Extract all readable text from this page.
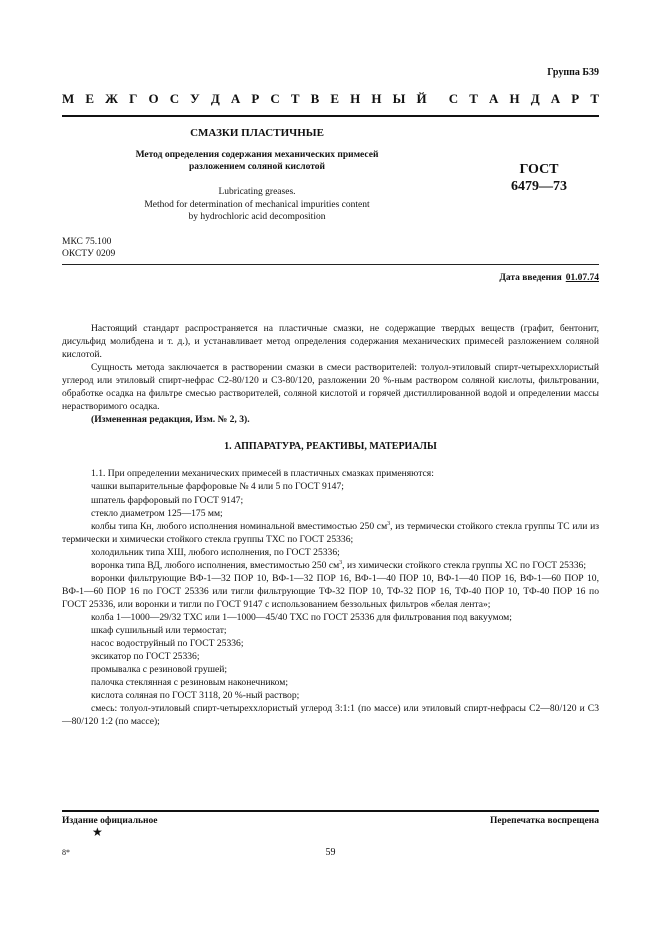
Группа Б39
М Е Ж Г О С У Д А Р С Т В Е Н Н Ы Й С Т А Н Д А Р Т
СМАЗКИ ПЛАСТИЧНЫЕ
Метод определения содержания механических примесей
разложением соляной кислотой
Lubricating greases.
Method for determination of mechanical impurities content
by hydrochloric acid decomposition
ГОСТ
6479—73
МКС 75.100
ОКСТУ 0209
Дата введения 01.07.74

Настоящий стандарт распространяется на пластичные смазки, не содержащие твердых веществ (графит, бентонит, дисульфид молибдена и т. д.), и устанавливает метод определения содержания механических примесей разложением соляной кислотой.

Сущность метода заключается в растворении смазки в смеси растворителей: толуол-этиловый спирт-четыреххлористый углерод или этиловый спирт-нефрас С2-80/120 и С3-80/120, разложении 20 %-ным раствором соляной кислоты, фильтровании, обработке осадка на фильтре смесью растворителей, соляной кислотой и горячей дистиллированной водой и определении массы нерастворимого осадка.

(Измененная редакция, Изм. № 2, 3).

1. АППАРАТУРА, РЕАКТИВЫ, МАТЕРИАЛЫ

1.1. При определении механических примесей в пластичных смазках применяются:

чашки выпарительные фарфоровые № 4 или 5 по ГОСТ 9147;

шпатель фарфоровый по ГОСТ 9147;

стекло диаметром 125—175 мм;

колбы типа Кн, любого исполнения номинальной вместимостью 250 $см^3$, из термически стойкого стекла группы ТС или из термически и химически стойкого стекла группы ТХС по ГОСТ 25336;

холодильник типа ХШ, любого исполнения, по ГОСТ 25336;

воронка типа ВД, любого исполнения, вместимостью 250 $см^3$, из химически стойкого стекла группы ХС по ГОСТ 25336;

воронки фильтрующие ВФ-1—32 ПОР 10, ВФ-1—32 ПОР 16, ВФ-1—40 ПОР 10, ВФ-1—40 ПОР 16, ВФ-1—60 ПОР 10, ВФ-1—60 ПОР 16 по ГОСТ 25336 или тигли фильтрующие ТФ-32 ПОР 10, ТФ-32 ПОР 16, ТФ-40 ПОР 10, ТФ-40 ПОР 16 по ГОСТ 25336, или воронки и тигли по ГОСТ 9147 с использованием беззольных фильтров «белая лента»;

колба 1—1000—29/32 ТХС или 1—1000—45/40 ТХС по ГОСТ 25336 для фильтрования под вакуумом;

шкаф сушильный или термостат;

насос водоструйный по ГОСТ 25336;

эксикатор по ГОСТ 25336;

промывалка с резиновой грушей;

палочка стеклянная с резиновым наконечником;

кислота соляная по ГОСТ 3118, 20 %-ный раствор;

смесь: толуол-этиловый спирт-четыреххлористый углерод 3:1:1 (по массе) или этиловый спирт-нефрасы С2—80/120 и С3—80/120 1:2 (по массе);

Издание официальное
★
Перепечатка воспрещена
8*	59
